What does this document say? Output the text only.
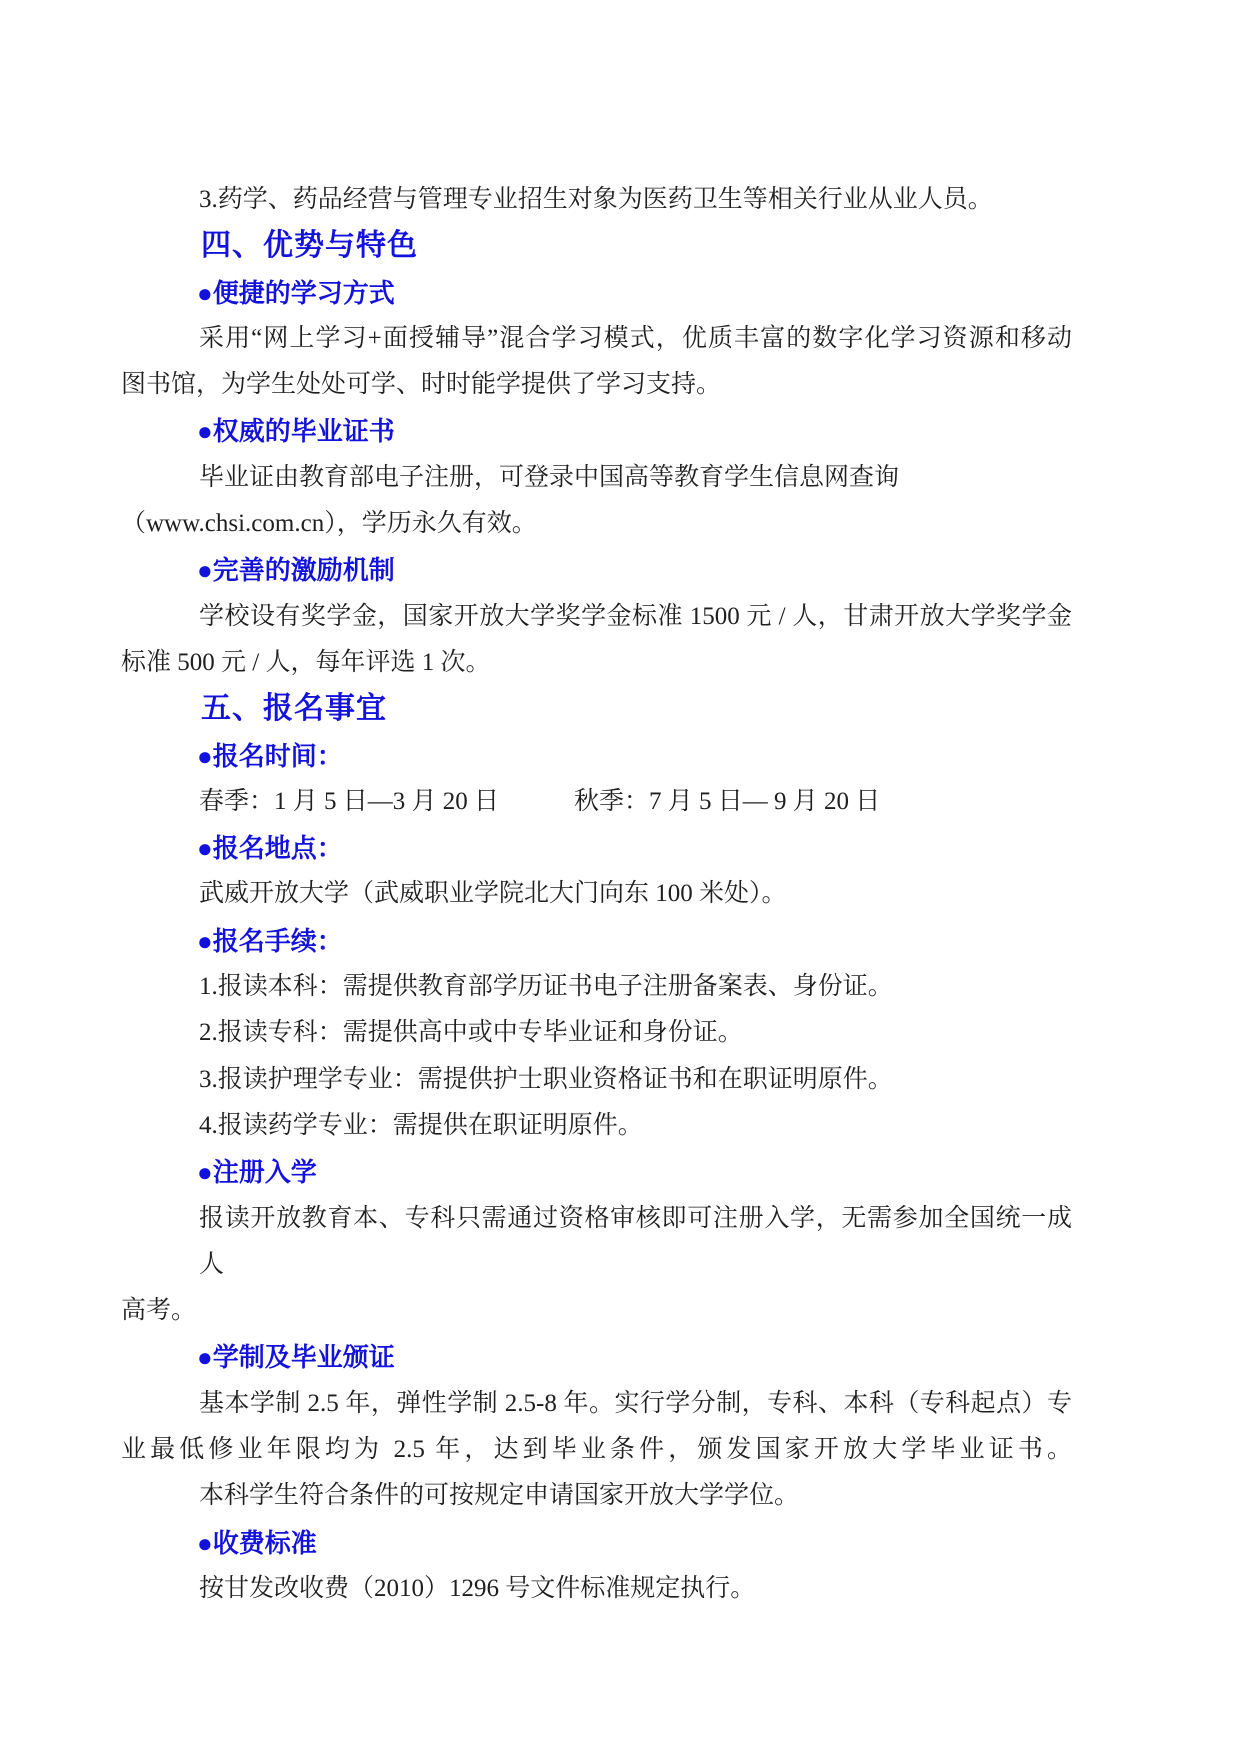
3.药学、药品经营与管理专业招生对象为医药卫生等相关行业从业人员。
四、优势与特色
●便捷的学习方式
采用“网上学习+面授辅导”混合学习模式，优质丰富的数字化学习资源和移动
图书馆，为学生处处可学、时时能学提供了学习支持。
●权威的毕业证书
毕业证由教育部电子注册，可登录中国高等教育学生信息网查询
（www.chsi.com.cn），学历永久有效。
●完善的激励机制
学校设有奖学金，国家开放大学奖学金标准 1500 元 / 人，甘肃开放大学奖学金
标准 500 元 / 人，每年评选 1 次。
五、报名事宜
●报名时间：
春季：1 月 5 日—3 月 20 日　　　秋季：7 月 5 日— 9 月 20 日
●报名地点：
武威开放大学（武威职业学院北大门向东 100 米处）。
●报名手续：
1.报读本科：需提供教育部学历证书电子注册备案表、身份证。
2.报读专科：需提供高中或中专毕业证和身份证。
3.报读护理学专业：需提供护士职业资格证书和在职证明原件。
4.报读药学专业：需提供在职证明原件。
●注册入学
报读开放教育本、专科只需通过资格审核即可注册入学，无需参加全国统一成人
高考。
●学制及毕业颁证
基本学制 2.5 年，弹性学制 2.5-8 年。实行学分制，专科、本科（专科起点）专
业最低修业年限均为 2.5 年，达到毕业条件，颁发国家开放大学毕业证书。
本科学生符合条件的可按规定申请国家开放大学学位。
●收费标准
按甘发改收费（2010）1296 号文件标准规定执行。
